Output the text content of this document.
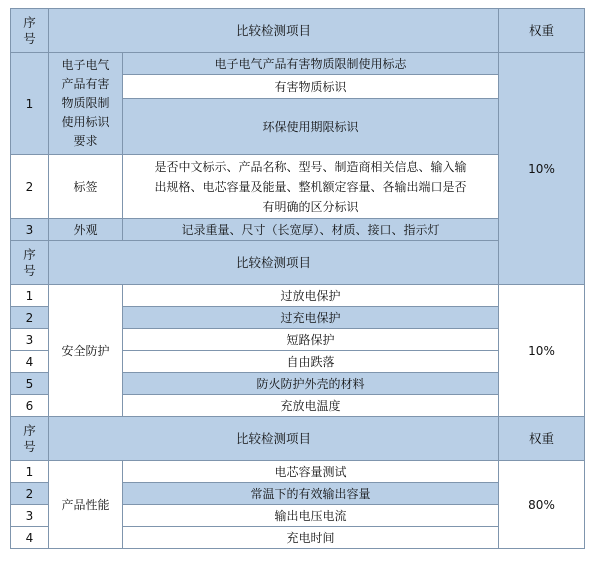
序
号	比较检测项目		权重	
1	电子电气
产品有害
物质限制
使用标识
要求	电子电气产品有害物质限制使用标志	10%	
		有害物质标识		
		环保使用期限标识		
2	标签	是否中文标示、产品名称、型号、制造商相关信息、输入输
出规格、电芯容量及能量、整机额定容量、各输出端口是否
有明确的区分标识		
3	外观	记录重量、尺寸（长宽厚）、材质、接口、指示灯		
序
号	比较检测项目	
1	安全防护	过放电保护	10%	
2		过充电保护		
3		短路保护		
4		自由跌落		
5		防火防护外壳的材料		
6		充放电温度		
序
号	比较检测项目		权重	
1	产品性能	电芯容量测试	80%	
2		常温下的有效输出容量		
3		输出电压电流		
4		充电时间		
